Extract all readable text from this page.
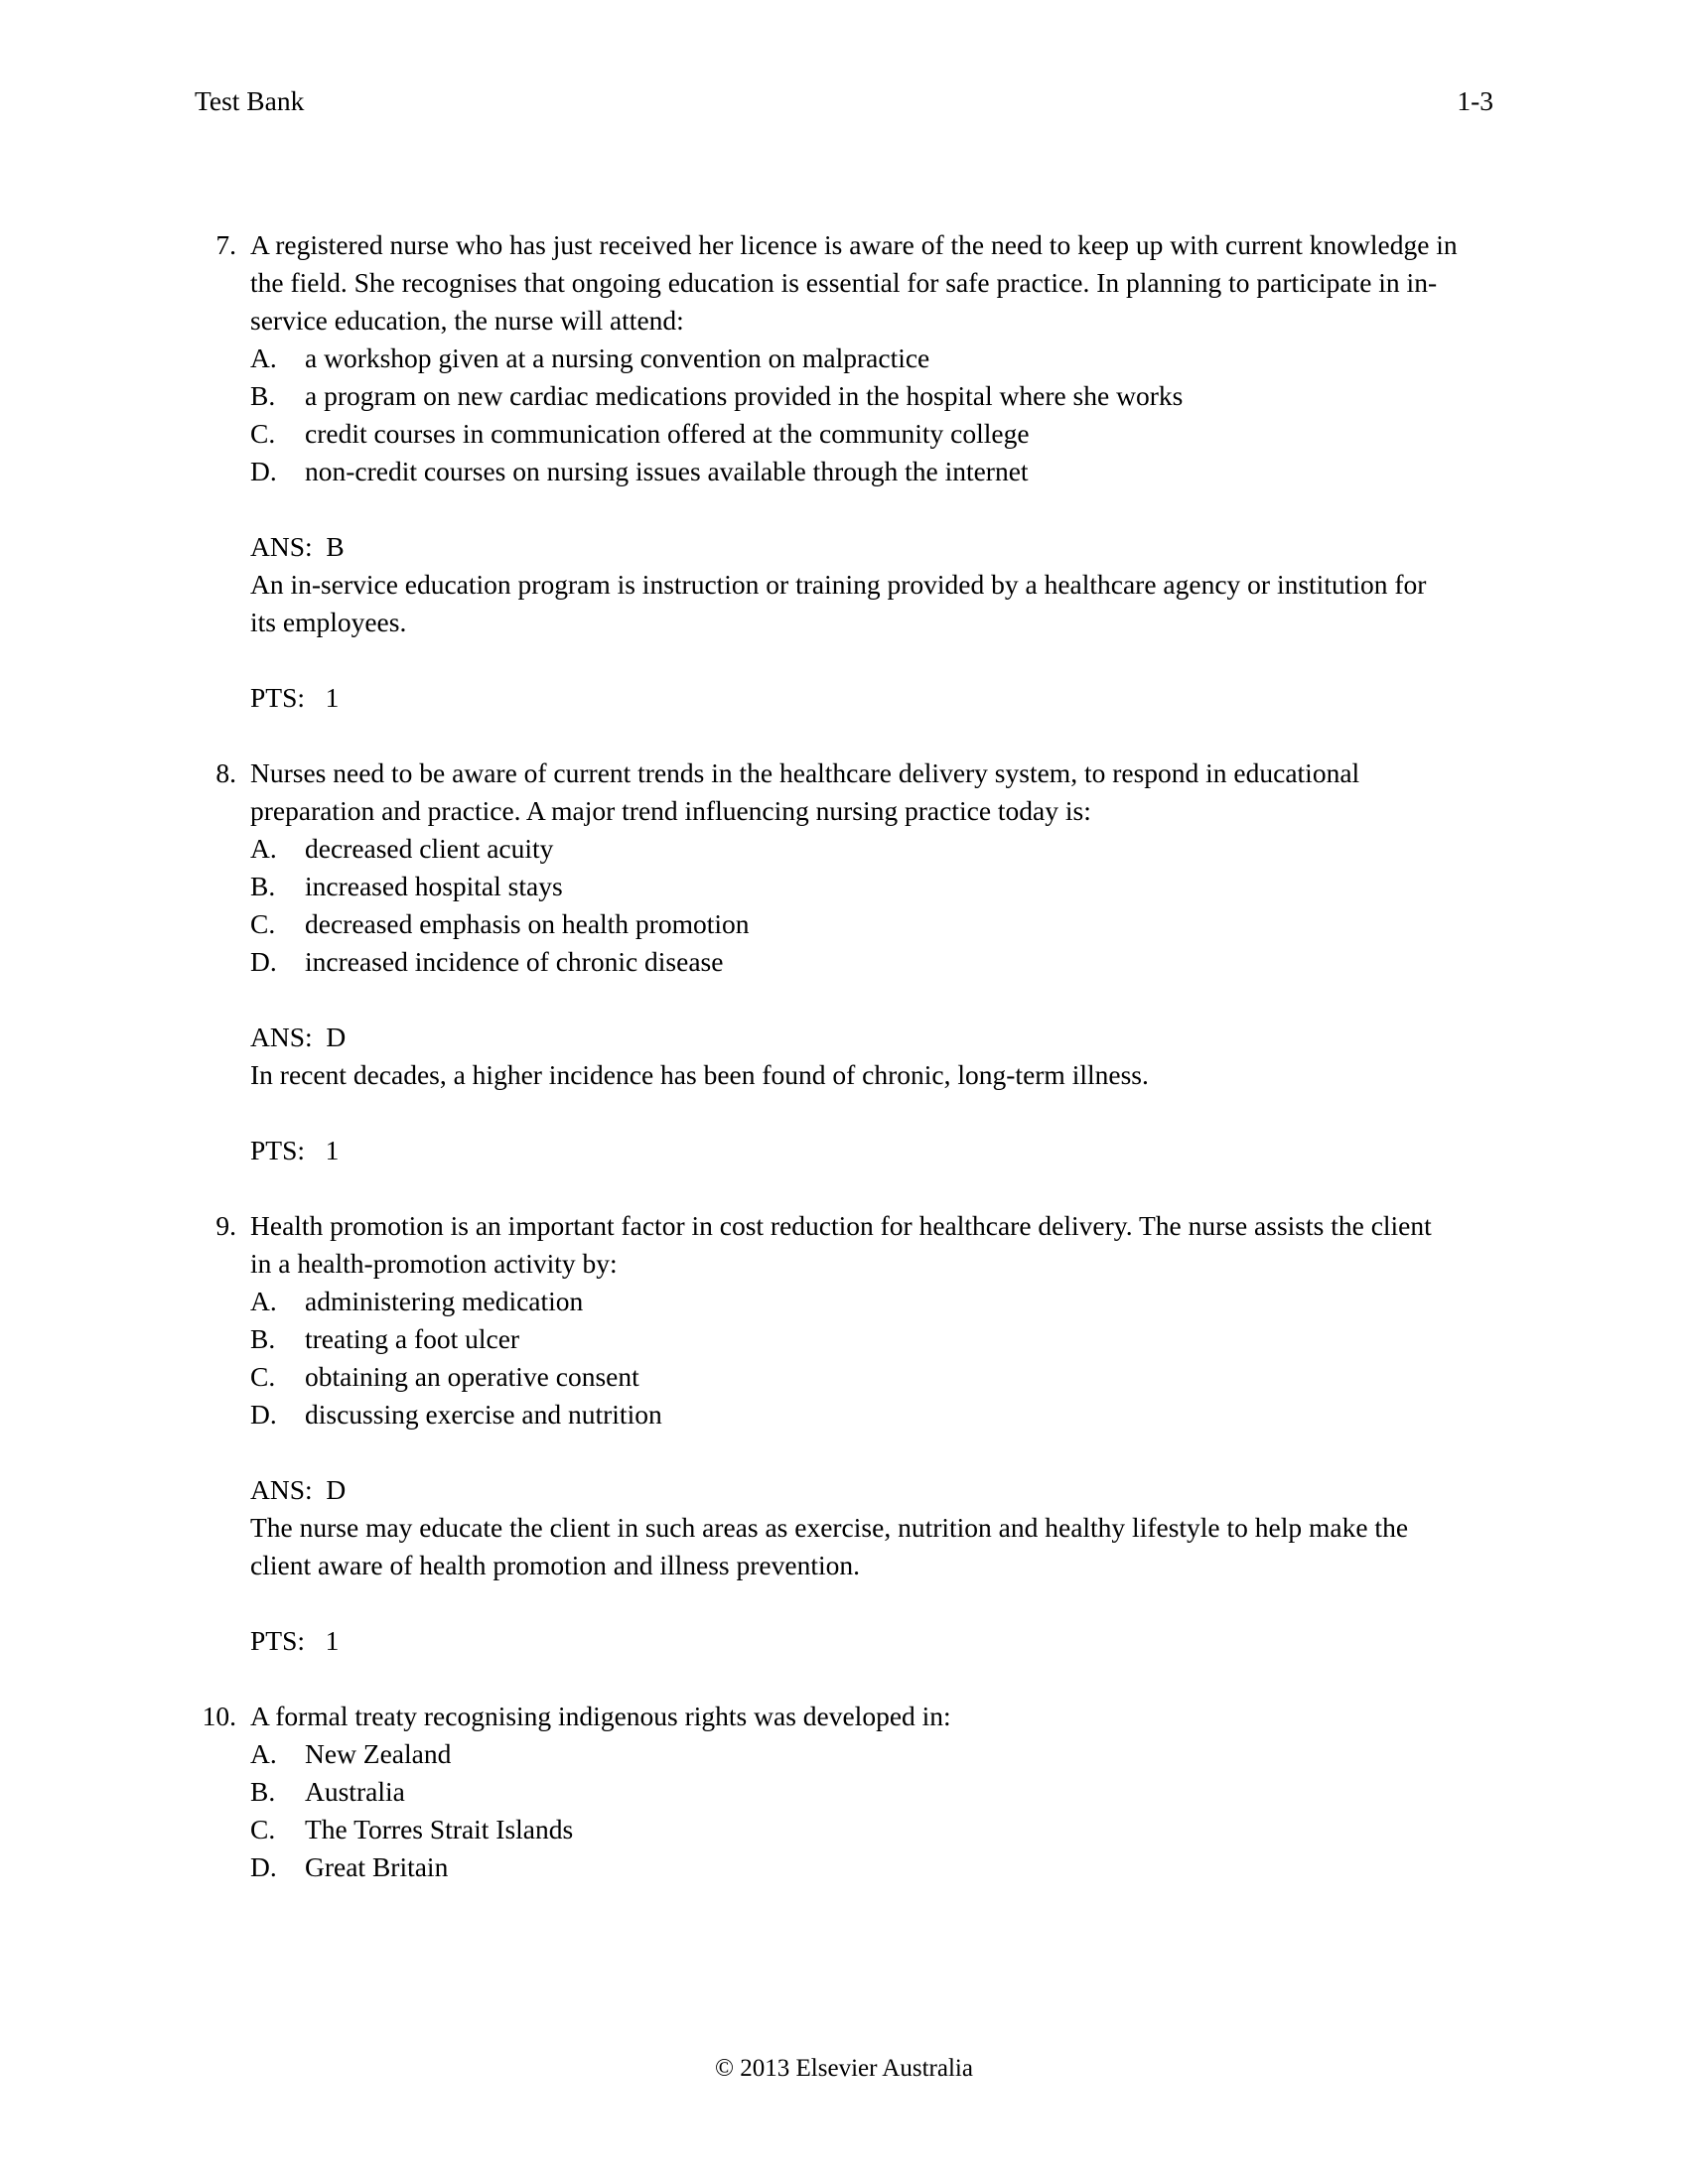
Test Bank	1-3
7. A registered nurse who has just received her licence is aware of the need to keep up with current knowledge in the field. She recognises that ongoing education is essential for safe practice. In planning to participate in in-service education, the nurse will attend:
A.	a workshop given at a nursing convention on malpractice
B.	a program on new cardiac medications provided in the hospital where she works
C.	credit courses in communication offered at the community college
D.	non-credit courses on nursing issues available through the internet
ANS: B
An in-service education program is instruction or training provided by a healthcare agency or institution for its employees.
PTS: 1
8. Nurses need to be aware of current trends in the healthcare delivery system, to respond in educational preparation and practice. A major trend influencing nursing practice today is:
A.	decreased client acuity
B.	increased hospital stays
C.	decreased emphasis on health promotion
D.	increased incidence of chronic disease
ANS: D
In recent decades, a higher incidence has been found of chronic, long-term illness.
PTS: 1
9. Health promotion is an important factor in cost reduction for healthcare delivery. The nurse assists the client in a health-promotion activity by:
A.	administering medication
B.	treating a foot ulcer
C.	obtaining an operative consent
D.	discussing exercise and nutrition
ANS: D
The nurse may educate the client in such areas as exercise, nutrition and healthy lifestyle to help make the client aware of health promotion and illness prevention.
PTS: 1
10. A formal treaty recognising indigenous rights was developed in:
A.	New Zealand
B.	Australia
C.	The Torres Strait Islands
D.	Great Britain
© 2013 Elsevier Australia
